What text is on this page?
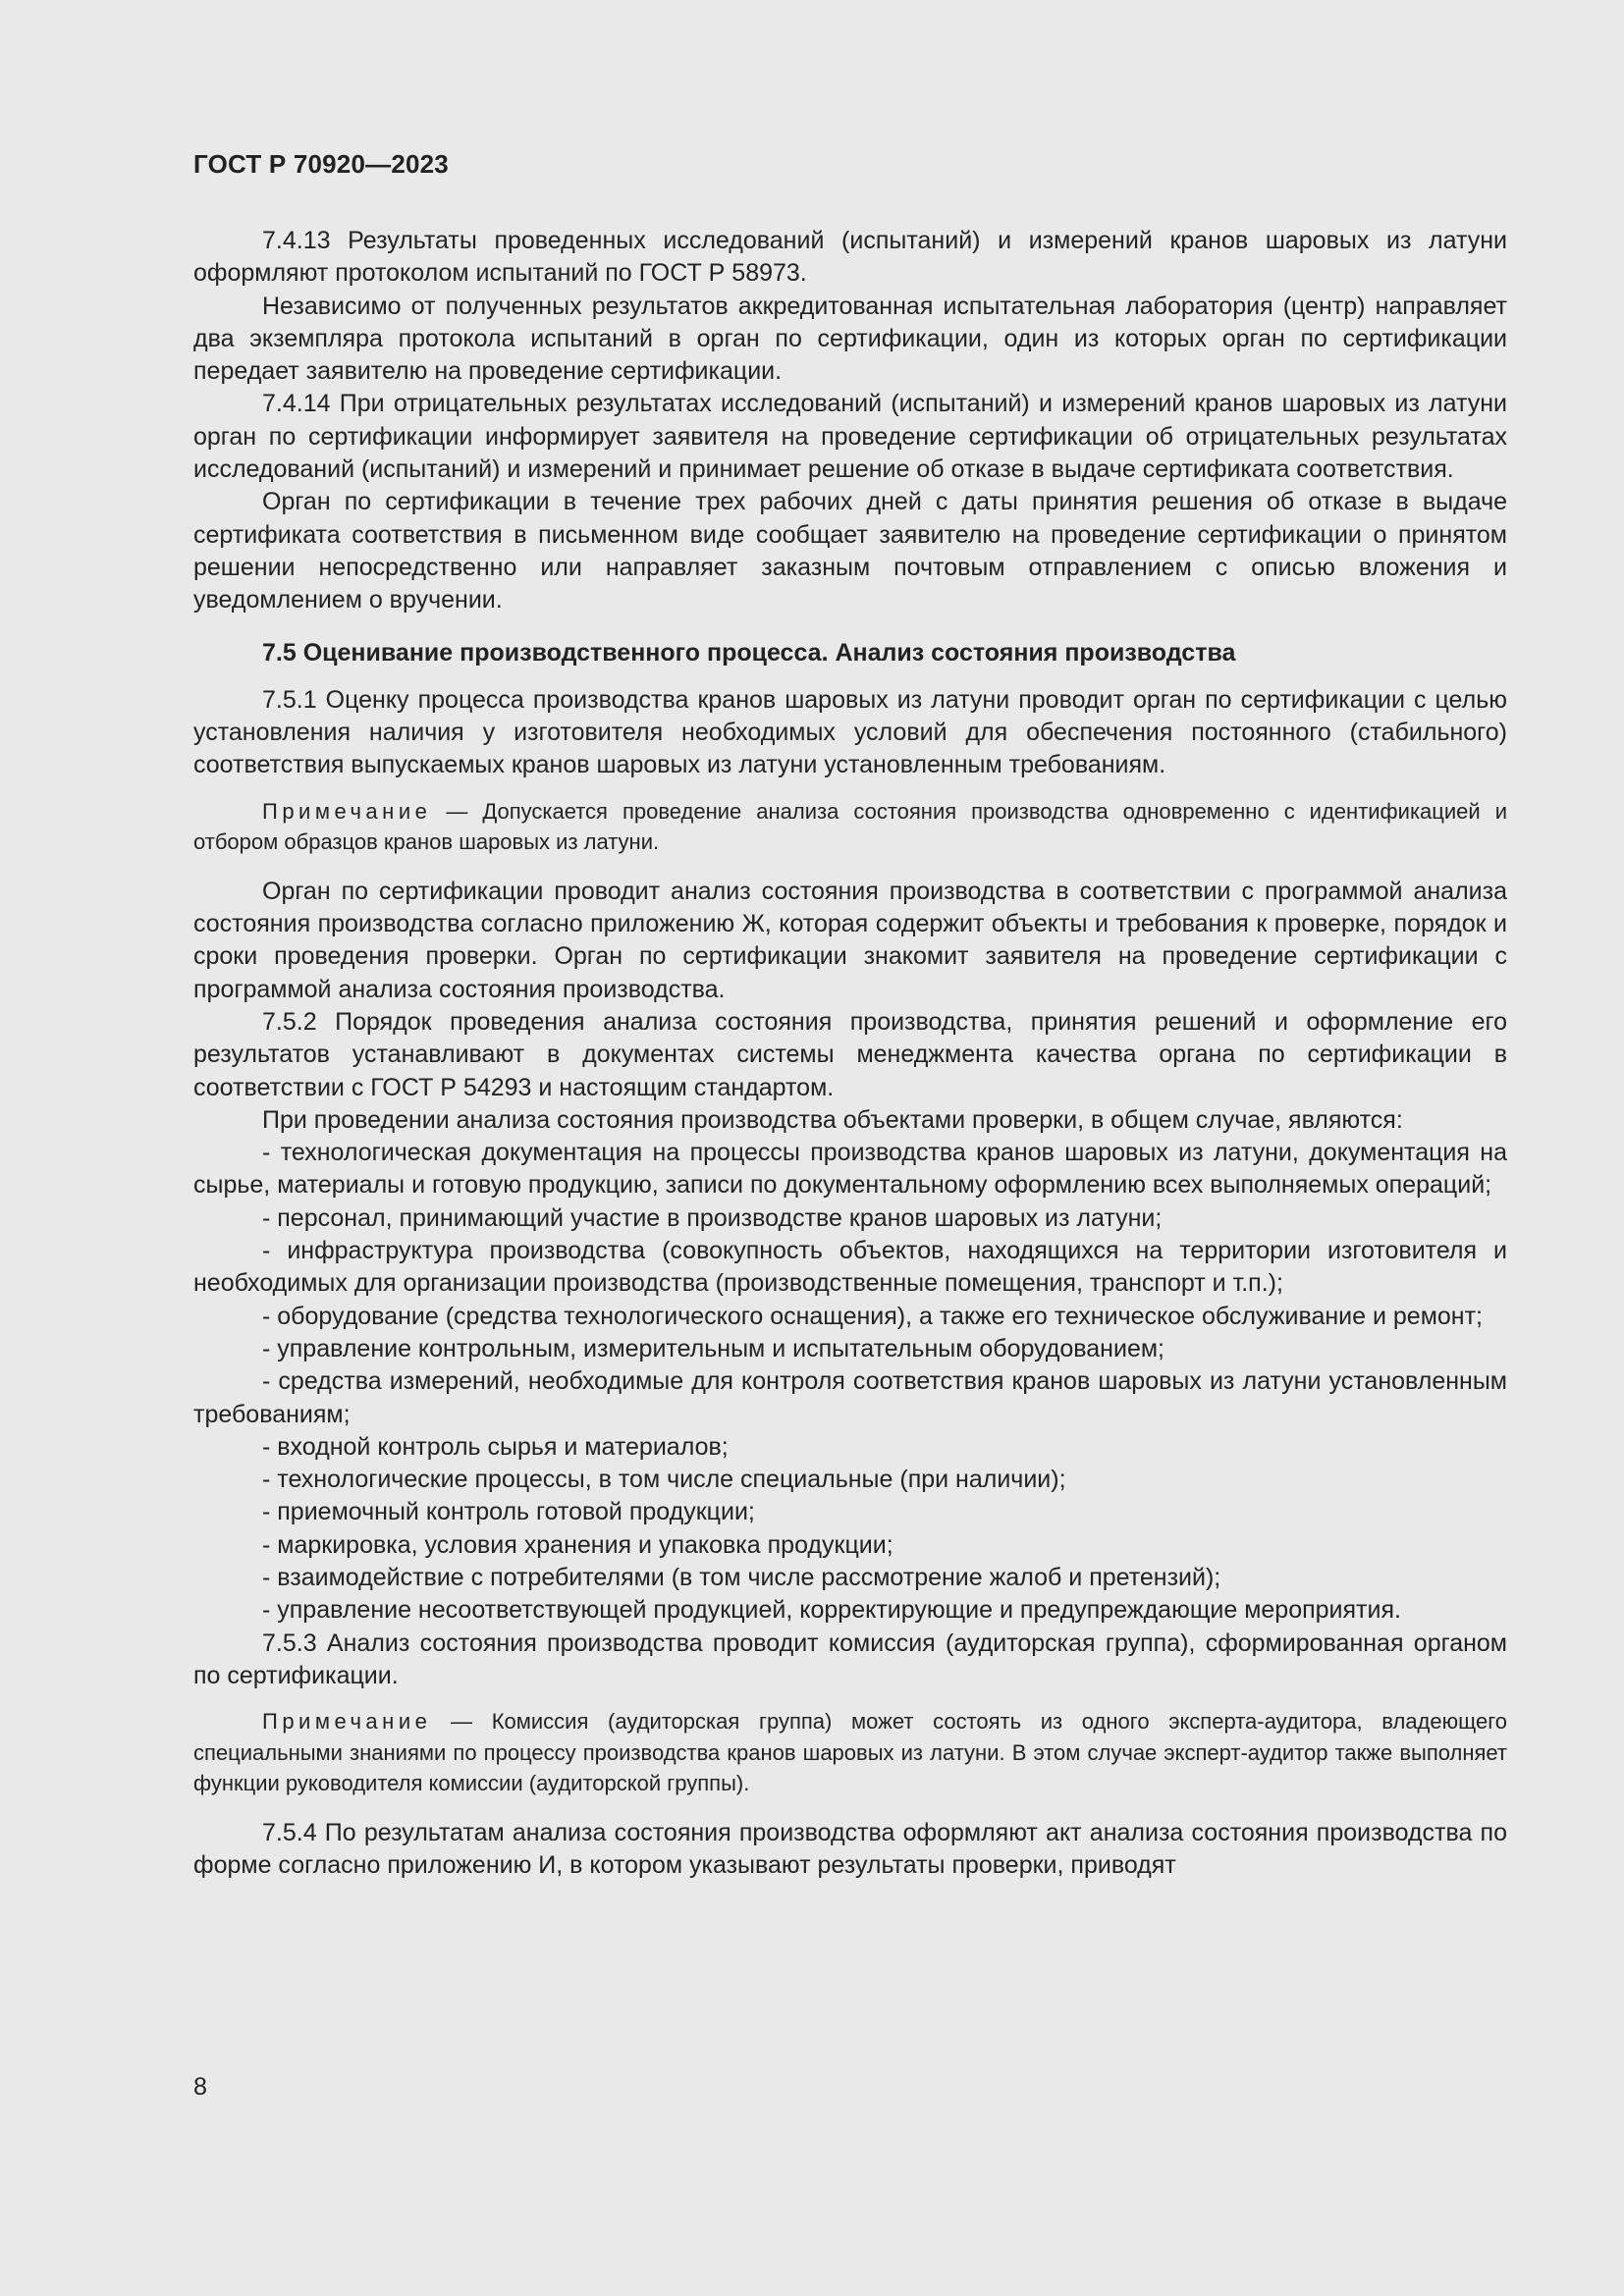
ГОСТ Р 70920—2023

7.4.13 Результаты проведенных исследований (испытаний) и измерений кранов шаровых из латуни оформляют протоколом испытаний по ГОСТ Р 58973.

Независимо от полученных результатов аккредитованная испытательная лаборатория (центр) направляет два экземпляра протокола испытаний в орган по сертификации, один из которых орган по сертификации передает заявителю на проведение сертификации.

7.4.14 При отрицательных результатах исследований (испытаний) и измерений кранов шаровых из латуни орган по сертификации информирует заявителя на проведение сертификации об отрицательных результатах исследований (испытаний) и измерений и принимает решение об отказе в выдаче сертификата соответствия.

Орган по сертификации в течение трех рабочих дней с даты принятия решения об отказе в выдаче сертификата соответствия в письменном виде сообщает заявителю на проведение сертификации о принятом решении непосредственно или направляет заказным почтовым отправлением с описью вложения и уведомлением о вручении.

7.5 Оценивание производственного процесса. Анализ состояния производства

7.5.1 Оценку процесса производства кранов шаровых из латуни проводит орган по сертификации с целью установления наличия у изготовителя необходимых условий для обеспечения постоянного (стабильного) соответствия выпускаемых кранов шаровых из латуни установленным требованиям.

Примечание — Допускается проведение анализа состояния производства одновременно с идентификацией и отбором образцов кранов шаровых из латуни.

Орган по сертификации проводит анализ состояния производства в соответствии с программой анализа состояния производства согласно приложению Ж, которая содержит объекты и требования к проверке, порядок и сроки проведения проверки. Орган по сертификации знакомит заявителя на проведение сертификации с программой анализа состояния производства.

7.5.2 Порядок проведения анализа состояния производства, принятия решений и оформление его результатов устанавливают в документах системы менеджмента качества органа по сертификации в соответствии с ГОСТ Р 54293 и настоящим стандартом.

При проведении анализа состояния производства объектами проверки, в общем случае, являются:

- технологическая документация на процессы производства кранов шаровых из латуни, документация на сырье, материалы и готовую продукцию, записи по документальному оформлению всех выполняемых операций;

- персонал, принимающий участие в производстве кранов шаровых из латуни;

- инфраструктура производства (совокупность объектов, находящихся на территории изготовителя и необходимых для организации производства (производственные помещения, транспорт и т.п.);

- оборудование (средства технологического оснащения), а также его техническое обслуживание и ремонт;

- управление контрольным, измерительным и испытательным оборудованием;

- средства измерений, необходимые для контроля соответствия кранов шаровых из латуни установленным требованиям;

- входной контроль сырья и материалов;

- технологические процессы, в том числе специальные (при наличии);

- приемочный контроль готовой продукции;

- маркировка, условия хранения и упаковка продукции;

- взаимодействие с потребителями (в том числе рассмотрение жалоб и претензий);

- управление несоответствующей продукцией, корректирующие и предупреждающие мероприятия.

7.5.3 Анализ состояния производства проводит комиссия (аудиторская группа), сформированная органом по сертификации.

Примечание — Комиссия (аудиторская группа) может состоять из одного эксперта-аудитора, владеющего специальными знаниями по процессу производства кранов шаровых из латуни. В этом случае эксперт-аудитор также выполняет функции руководителя комиссии (аудиторской группы).

7.5.4 По результатам анализа состояния производства оформляют акт анализа состояния производства по форме согласно приложению И, в котором указывают результаты проверки, приводят

8
